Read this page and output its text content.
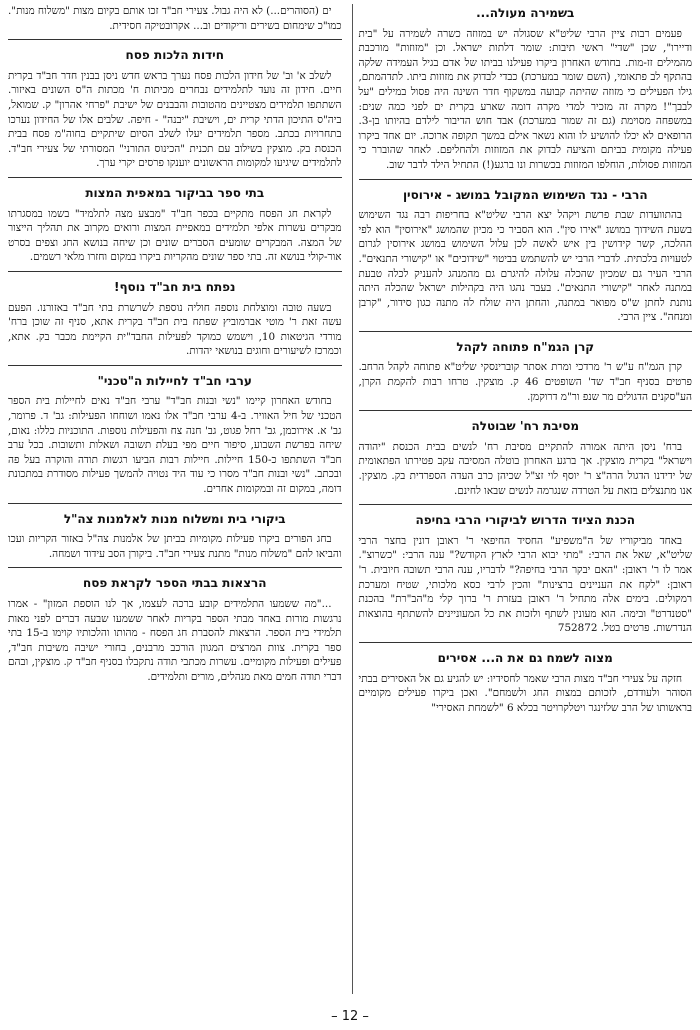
בשמירה מעולה...

פעמים רבות ציין הרבי שליט"א שסגולה יש במזוזה כשרה לשמירה על "בית ודיירו", שכן "שדי" ראשי תיבות: שומר דלתות ישראל. וכן "מזוזות" מורכבת מהמילים זז-מות. בחודש האחרון ביקרו פעילנו בביתו של אדם בגיל העמידה שלקה בהתקף לב פתאומי, (השם שומר במערכת) כבדי לבדוק את מזוזות ביתו. לתדהמתם, גילו הפעילים כי מזוזה שהיתה קבועה במשקוף חדר השינה היה פסול במילים "על לבבך"! מקרה זה מזכיר למדי מקרה דומה שארע בקרית ים לפני כמה שנים: במשפחה מסוימת (גם זה שמור במערכת) אבד חוש הדיבור לילדם בהיותו בן-3. הרופאים לא יכלו להושיע לו והוא נשאר אילם במשך תקופה ארוכה. יום אחד ביקרו פעילה מקומית בביתם והציעה לבדוק את המזוזות ולהחליפם. לאחר שהוברר כי המזוזות פסולות, הוחלפו המזוזות בכשרות ונו ברגע(!) התחיל הילד לדבר שוב.

הרבי - נגד השימוש המקובל במושג - אירוסין

בהתוועדות שבת פרשת ויקהל יצא הרבי שליט"א בחריפות רבה נגד השימוש בשעת השידוך במושג "אירו סין". הוא הסביר כי מכיון שהמושג "אירוסין" הוא לפי ההלכה, קשר קידושין בין איש לאשה לכן עלול השימוש במושג אירוסין לגרום לטעויות בלכתית. לדברי הרבי יש להשתמש בביטוי "שידוכים" או "קישורי התנאים". הרבי העיר גם שמכיון שהכלה עלולה להיגרם גם מהמנהג להעניק לכלה טבעת במתנה לאחר "קישורי התנאים". בעבר נהגו היה בקהילות ישראל שהכלה היתה נותנת לחתן ש"ס מפואר במתנה, והחתן היה שולח לה מתנה כגון סידור, "קרבן ומנחה". ציין הרבי.

קרן הגמ"ח פתוחה לקהל

קרן הגמ"ח ע"ש ר' מרדכי ומרת אסתר קוברינסקי שליט"א פתוחה לקהל הרחב. פרטים בסניף חב"ד שד' השופטים 46 ק. מוצקין. טרחו רבות להקמת הקרן, הע"סקנים הדגולים מר שנפ ור"מ דרוקמן.

מסיבת רח' שבוטלה

ברח' ניסן היתה אמורה להתקיים מסיבת רח' לנשים בבית הכנסת "יהודה וישראל" בקרית מוצקין. אך ברגע האחרון בוטלה המסיבה עקב פטירתו הפתאומית של ידידנו הדגול הרה"צ ר' יוסף לוי זצ"ל שכיהן כרב העדה הספרדית בק. מוצקין. אנו מתנצלים בזאת על הטרדה שנגרמה לנשים שבאו לחינם.

הכנת הציוד הדרוש לביקורי הרבי בחיפה

באחד מביקוריו של ה"משפיע" החסיד החיפאי ר' ראובן דונין בחצר הרבי שליט"א, שאל את הרבי: "מתי יבוא הרבי לארץ הקודש?" ענה הרבי: "כשרוצ". אמר לו ר' ראובן: "האם יבקר הרבי בחיפה?" לדבריו, ענה הרבי תשובה חיובית. ר' ראובן: "לקח את העניינים ברצינות" והכין לרבי כסא מלכותי, שטיח ומערכת רמקולים. בימים אלה מתחיל ר' ראובן בעזרת ר' ברוך קלי מ"הב"רת" בהכנת "סטנדרט" ובימה. הוא מעונין לשתף ולזכות את כל המעוניינים להשתתף בהוצאות הנדרשות. פרטים בטל. 752872

מצוה לשמח גם את ה... אסירים

חזקה על צעירי חב"ד מצות הרבי שאמר לחסידיו: יש להגיע גם אל האסירים בבתי הסוהר ולעודדם, לזכותם במצות החג ולשמחם". ואכן ביקרו פעילים מקומיים בראשותו של הרב שלזינגר ויטלקרויטר בכלא 6 "לשמחת האסירי"

ים (הסוהרים...) לא היה גבול. צעירי חב"ד זכו אותם בקיום מצות "משלוח מנות". כמו"כ שימחום בשירים וריקודים וב... אקרובטיקה חסידית.

חידות הלכות פסח

לשלב א' וב' של חידון הלכות פסח נערך בראש חדש ניסן בבנין חדר חב"ד בקרית חיים. חידון זה נועד לתלמידים נבחרים מכיתות ח' מכתות ה"ס השונים באיזור. השתתפו תלמידים מצטיינים מהטובות והבבנים של ישיבת "פרחי אהרון" ק. שמואל, ביה"ס התיכון הדתי קרית ים, וישיבת "יבנה" - חיפה. שלבים אלו של החידון נערכו בתחרויות בכתב. מספר תלמידים יעלו לשלב הסיום שיתקיים בחוה"מ פסח בבית הכנסת בק. מוצקין בשילוב עם תכנית "הכינוס התורני" המסורתי של צעירי חב"ד. לתלמידים שיגיעו למקומות הראשונים יוענקו פרסים יקרי ערך.

בתי ספר בביקור במאפית המצות

לקראת חג הפסח מתקיים בכפר חב"ד "מבצע מצה לתלמיד" בשמו במסגרתו מבקרים עשרות אלפי תלמידים במאפיית המצות ורואים מקרוב את תהליך הייצור של המצה. המבקרים שומעים הסברים שונים וכן שיחה בנושא החג וצפים בסרט אור-קולי בנושא זה. בתי ספר שונים מהקריות ביקרו במקום וחזרו מלאי רשמים.

נפתח בית חב"ד נוסף!

בשעה טובה ומוצלחת נוספה חוליה נוספת לשרשרת בתי חב"ד באזורנו. הפעם עשה זאת ר' מוטי אברמוביץ שפתח בית חב"ד בקרית אתא, סניף זה שוכן ברח' מורדי הגיטאות 10, וישמש כמוקד לפעילות החבד"ית הקיימת מכבר בק. אתא, וכמרכז לשיעורים וחוגים בנושאי יהדות.

ערבי חב"ד לחיילות ה"טכני"

בחודש האחרון קיימו "נשי ובנות חב"ד" ערבי חב"ד נאים לחיילות בית הספר הטכני של חיל האוויר. ב-4 ערבי חב"ד אלו נאמו ושוחחו הפעילות: גב' ד. פרומר, גב' א. אירוכמן, גב' רחל פגוט, גב' חנה צח והפעילות נוספות. התוכניות כללו: נאום, שיחה בפרשת השבוע, סיפור חיים מפי בעלת תשובה ושאלות ותשובות. בכל ערב חב"ד השתתפו כ-150 חיילות. חיילות רבות הביעו רגשות תודה והוקרה בעל פה ובכתב. "נשי ובנות חב"ד מסרו כי עוד היד נטויה להמשך פעילות מסודרת במתכונת דומה, במקום זה ובמקומות אחרים.

ביקורי בית ומשלוח מנות לאלמנות צה"ל

בחג הפורים ביקרו פעילות מקומיות בביתן של אלמנות צה"ל באזור הקריות ועכו והביאו להם "משלוח מנות" מתנת צעירי חב"ד. ביקורן הסב עידוד ושמחה.

הרצאות בבתי הספר לקראת פסח

..."מה ששמעו התלמידים קובע ברכה לעצמו, אך לנו הוספת המזון" - אמרו נרגשות מורות באחד מבתי הספר בקריות לאחר ששמעו שבעה דברים לפני מאות תלמידי בית הספר. הרצאות להסברת חג הפסח - מהותו והלכותיו קוימו ב-15 בתי ספר בקרית. צוות המרצים המגוון הורכב מרבנים, בחורי ישיבה משיבות חב"ד, פעילים ופעילות מקומיים. עשרות מכתבי תודה נתקבלו בסניף חב"ד ק. מוצקין, ובהם דברי תודה חמים מאת מנהלים, מורים ותלמידים.

– 12 –
